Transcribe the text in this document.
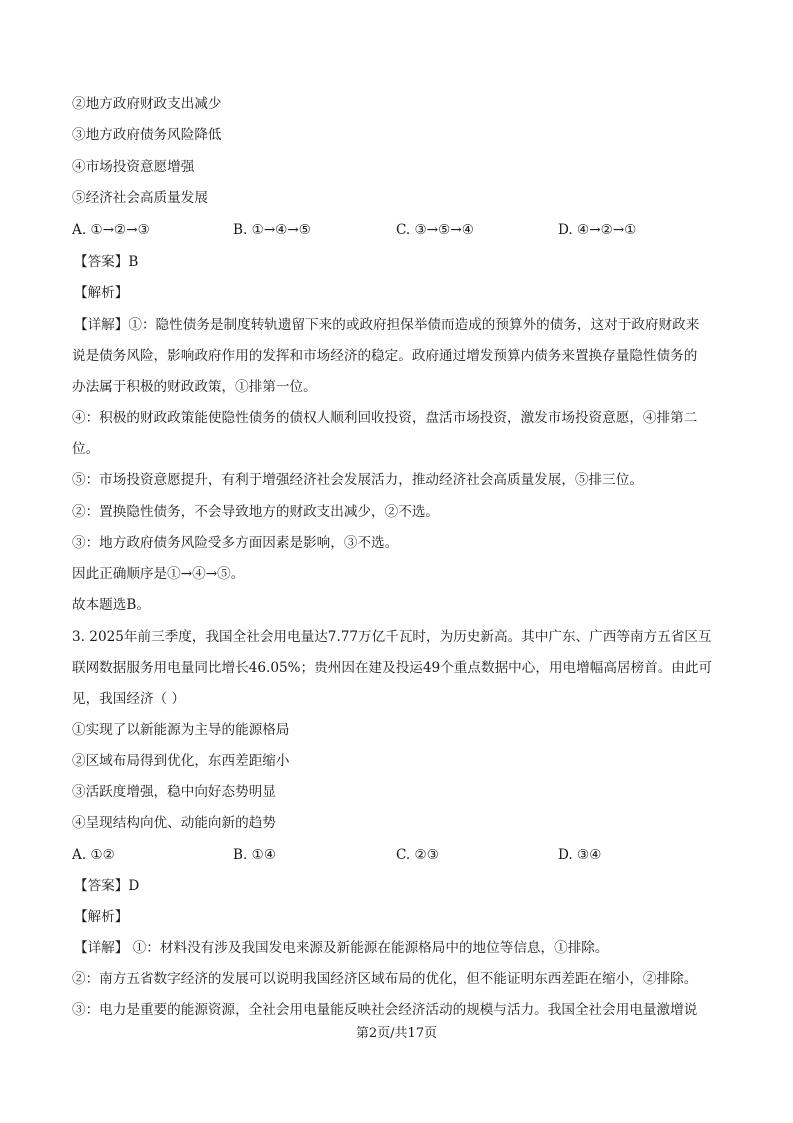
②地方政府财政支出减少
③地方政府债务风险降低
④市场投资意愿增强
⑤经济社会高质量发展
A. ①→②→③	B. ①→④→⑤	C. ③→⑤→④	D. ④→②→①
【答案】B
【解析】
【详解】①：隐性债务是制度转轨遗留下来的或政府担保举债而造成的预算外的债务，这对于政府财政来
说是债务风险，影响政府作用的发挥和市场经济的稳定。政府通过增发预算内债务来置换存量隐性债务的
办法属于积极的财政政策，①排第一位。
④：积极的财政政策能使隐性债务的债权人顺利回收投资，盘活市场投资，激发市场投资意愿，④排第二
位。
⑤：市场投资意愿提升，有利于增强经济社会发展活力，推动经济社会高质量发展，⑤排三位。
②：置换隐性债务，不会导致地方的财政支出减少，②不选。
③：地方政府债务风险受多方面因素是影响，③不选。
因此正确顺序是①→④→⑤。
故本题选B。
3. 2025年前三季度，我国全社会用电量达7.77万亿千瓦时，为历史新高。其中广东、广西等南方五省区互
联网数据服务用电量同比增长46.05%；贵州因在建及投运49个重点数据中心，用电增幅高居榜首。由此可
见，我国经济（ ）
①实现了以新能源为主导的能源格局
②区域布局得到优化，东西差距缩小
③活跃度增强，稳中向好态势明显
④呈现结构向优、动能向新的趋势
A. ①②	B. ①④	C. ②③	D. ③④
【答案】D
【解析】
【详解】 ①：材料没有涉及我国发电来源及新能源在能源格局中的地位等信息，①排除。
②：南方五省数字经济的发展可以说明我国经济区域布局的优化，但不能证明东西差距在缩小，②排除。
③：电力是重要的能源资源，全社会用电量能反映社会经济活动的规模与活力。我国全社会用电量激增说
第2页/共17页
